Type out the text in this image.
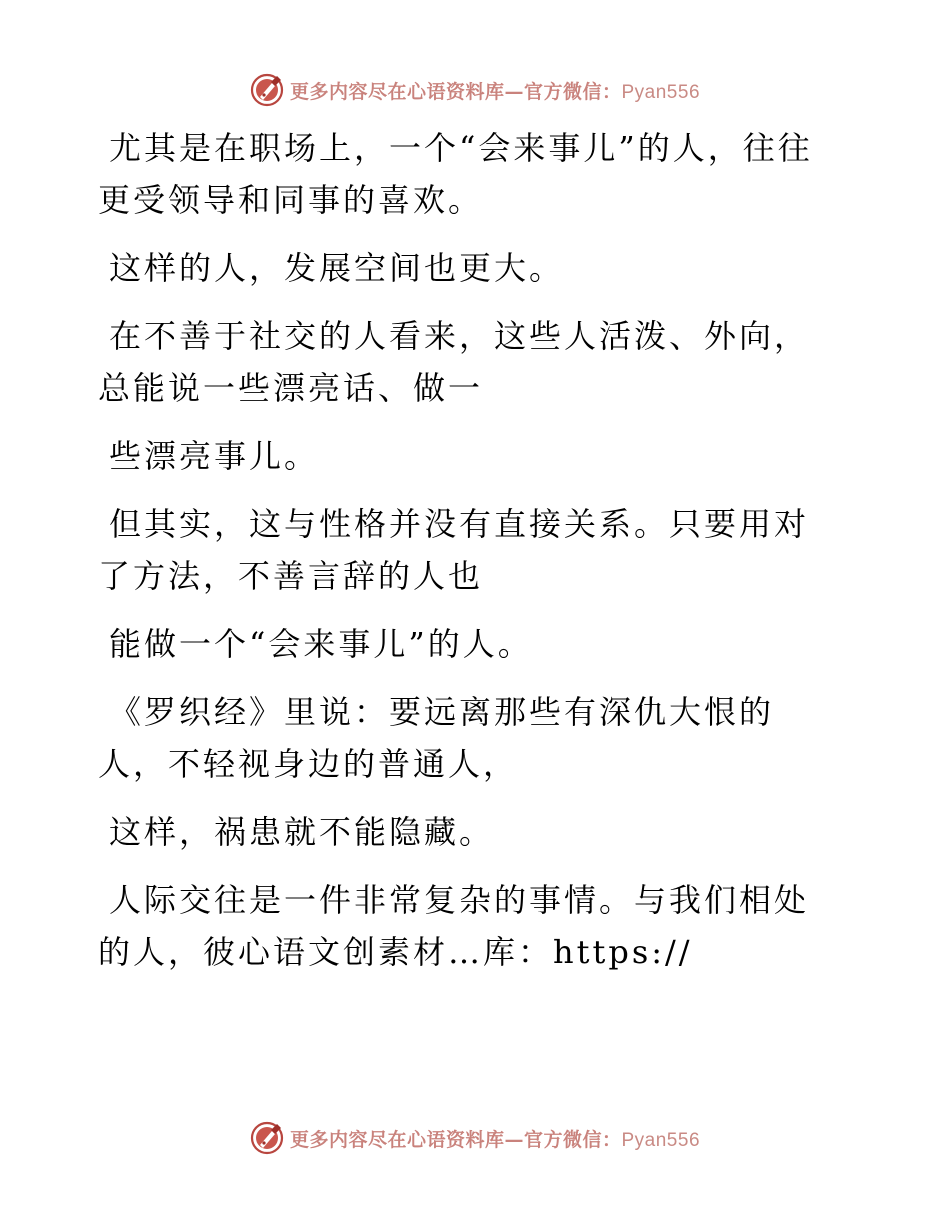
更多内容尽在心语资料库—官方微信：Pyan556

尤其是在职场上，一个“会来事儿”的人，往往更受领导和同事的喜欢。

这样的人，发展空间也更大。

在不善于社交的人看来，这些人活泼、外向，总能说一些漂亮话、做一

些漂亮事儿。

但其实，这与性格并没有直接关系。只要用对了方法，不善言辞的人也

能做一个“会来事儿”的人。

《罗织经》里说：要远离那些有深仇大恨的人，不轻视身边的普通人，

这样，祸患就不能隐藏。

人际交往是一件非常复杂的事情。与我们相处的人，彼心语文创素材…库：https://

更多内容尽在心语资料库—官方微信：Pyan556
